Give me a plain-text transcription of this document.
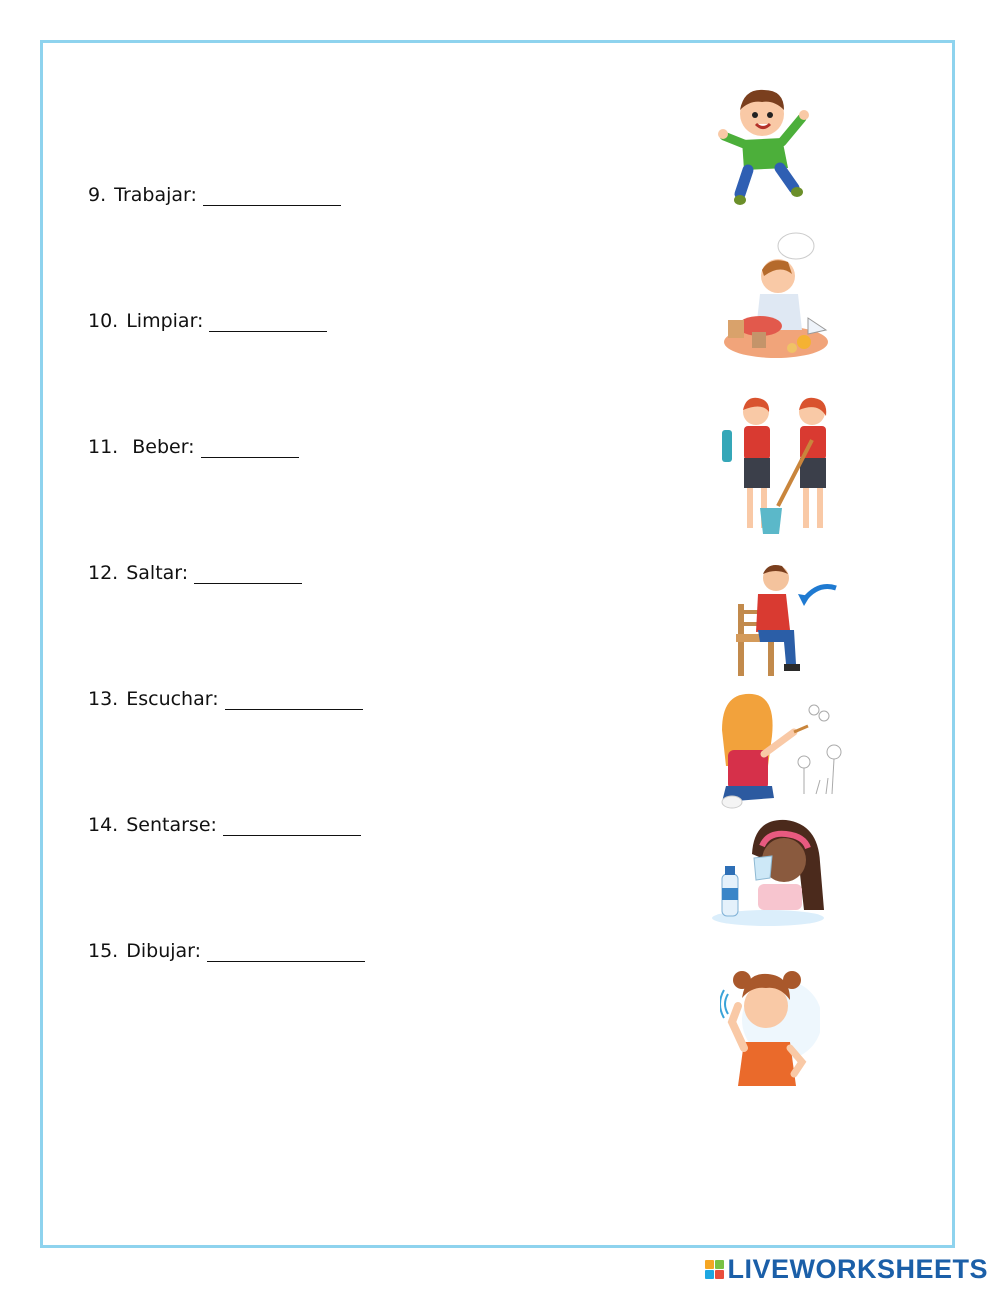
9. Trabajar:
10. Limpiar:
11. Beber:
12. Saltar:
13. Escuchar:
14. Sentarse:
15. Dibujar:
LIVEWORKSHEETS
